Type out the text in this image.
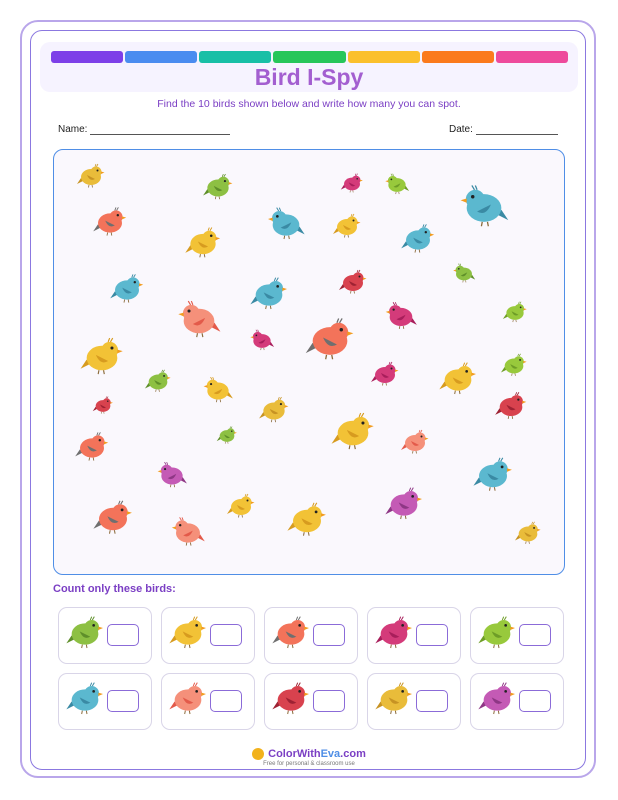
Bird I-Spy
Find the 10 birds shown below and write how many you can spot.
Name:	Date:
Count only these birds:
ColorWithEva.com
Free for personal & classroom use
